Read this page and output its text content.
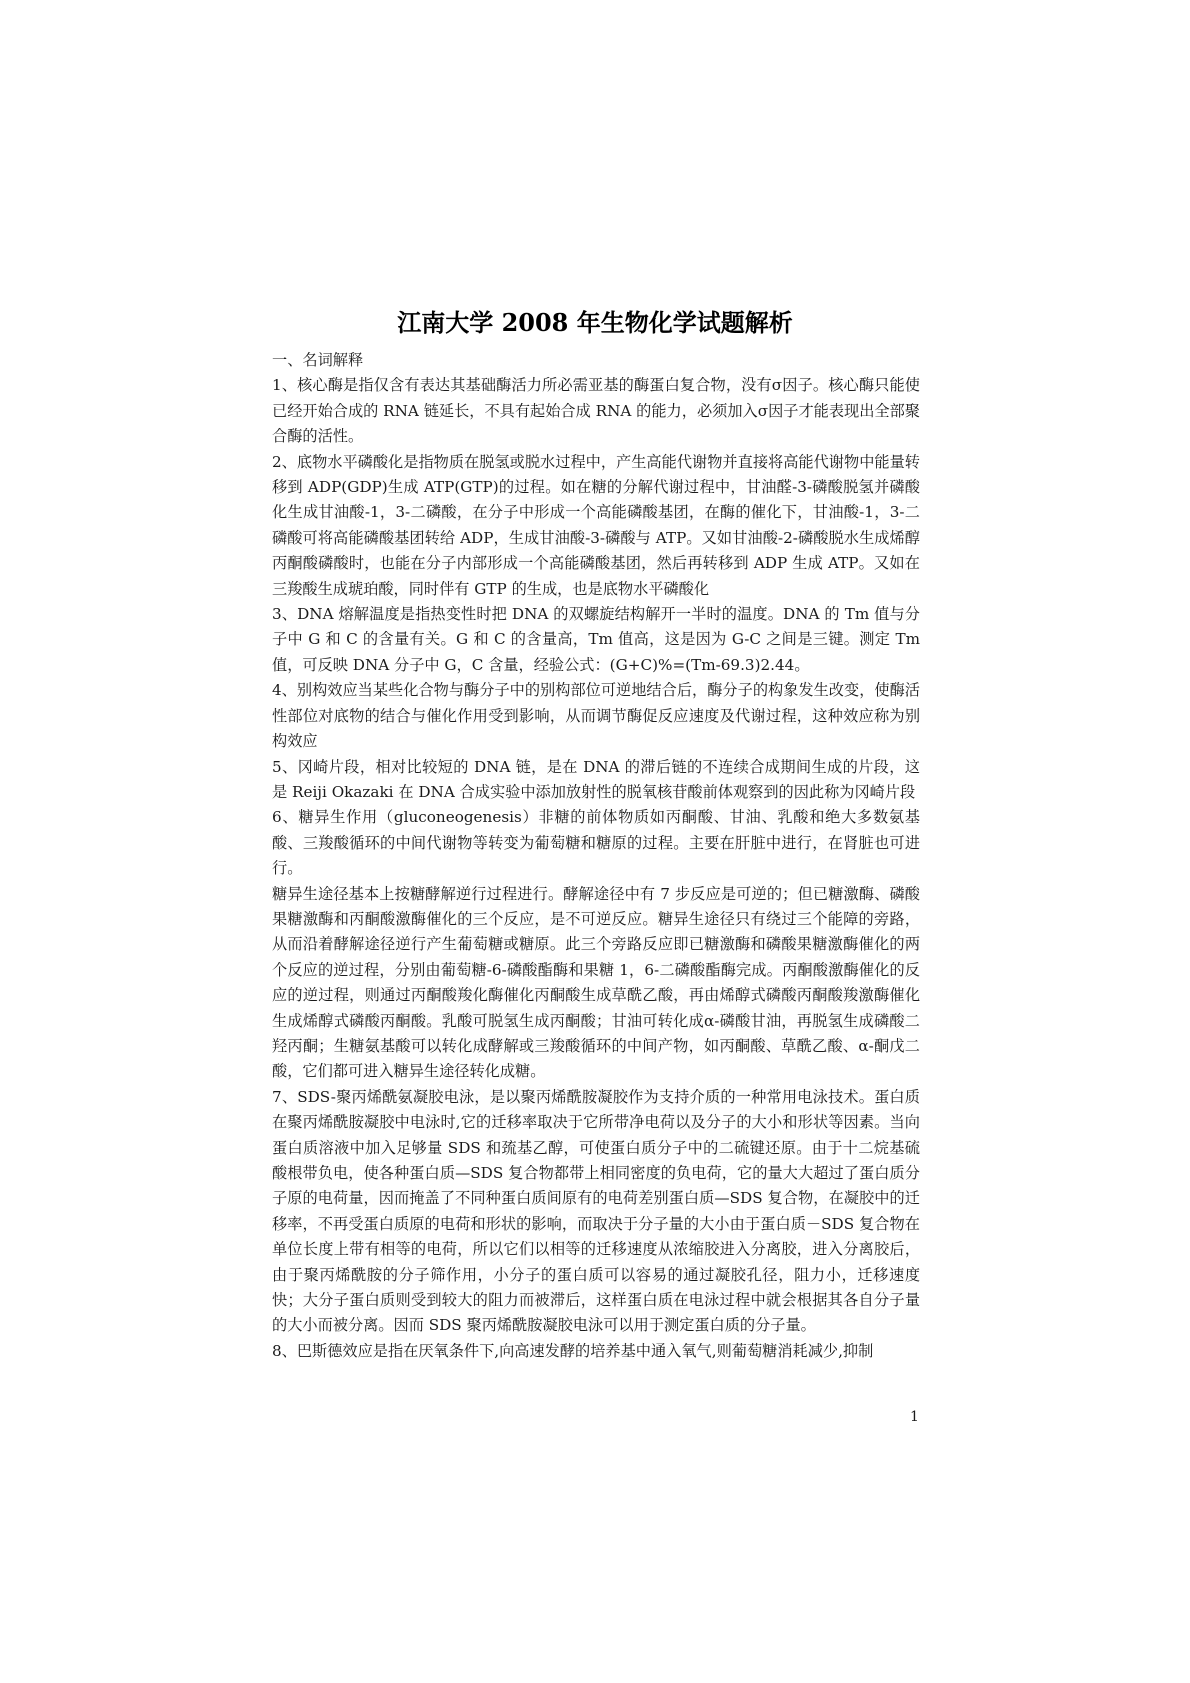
江南大学 2008 年生物化学试题解析

一、名词解释

1、核心酶是指仅含有表达其基础酶活力所必需亚基的酶蛋白复合物，没有σ因子。核心酶只能使已经开始合成的 RNA 链延长，不具有起始合成 RNA 的能力，必须加入σ因子才能表现出全部聚合酶的活性。

2、底物水平磷酸化是指物质在脱氢或脱水过程中，产生高能代谢物并直接将高能代谢物中能量转移到 ADP(GDP)生成 ATP(GTP)的过程。如在糖的分解代谢过程中，甘油醛-3-磷酸脱氢并磷酸化生成甘油酸-1，3-二磷酸，在分子中形成一个高能磷酸基团，在酶的催化下，甘油酸-1，3-二磷酸可将高能磷酸基团转给 ADP，生成甘油酸-3-磷酸与 ATP。又如甘油酸-2-磷酸脱水生成烯醇丙酮酸磷酸时，也能在分子内部形成一个高能磷酸基团，然后再转移到 ADP 生成 ATP。又如在三羧酸生成琥珀酸，同时伴有 GTP 的生成，也是底物水平磷酸化

3、DNA 熔解温度是指热变性时把 DNA 的双螺旋结构解开一半时的温度。DNA 的 Tm 值与分子中 G 和 C 的含量有关。G 和 C 的含量高，Tm 值高，这是因为 G-C 之间是三键。测定 Tm 值，可反映 DNA 分子中 G，C 含量，经验公式：(G+C)%=(Tm-69.3)2.44。

4、别构效应当某些化合物与酶分子中的别构部位可逆地结合后，酶分子的构象发生改变，使酶活性部位对底物的结合与催化作用受到影响，从而调节酶促反应速度及代谢过程，这种效应称为别构效应

5、冈崎片段，相对比较短的 DNA 链，是在 DNA 的滞后链的不连续合成期间生成的片段，这是 Reiji Okazaki 在 DNA 合成实验中添加放射性的脱氧核苷酸前体观察到的因此称为冈崎片段

6、糖异生作用（gluconeogenesis）非糖的前体物质如丙酮酸、甘油、乳酸和绝大多数氨基酸、三羧酸循环的中间代谢物等转变为葡萄糖和糖原的过程。主要在肝脏中进行，在肾脏也可进行。

糖异生途径基本上按糖酵解逆行过程进行。酵解途径中有 7 步反应是可逆的；但已糖激酶、磷酸果糖激酶和丙酮酸激酶催化的三个反应，是不可逆反应。糖异生途径只有绕过三个能障的旁路，从而沿着酵解途径逆行产生葡萄糖或糖原。此三个旁路反应即已糖激酶和磷酸果糖激酶催化的两个反应的逆过程，分别由葡萄糖-6-磷酸酯酶和果糖 1，6-二磷酸酯酶完成。丙酮酸激酶催化的反应的逆过程，则通过丙酮酸羧化酶催化丙酮酸生成草酰乙酸，再由烯醇式磷酸丙酮酸羧激酶催化生成烯醇式磷酸丙酮酸。乳酸可脱氢生成丙酮酸；甘油可转化成α-磷酸甘油，再脱氢生成磷酸二羟丙酮；生糖氨基酸可以转化成酵解或三羧酸循环的中间产物，如丙酮酸、草酰乙酸、α-酮戊二酸，它们都可进入糖异生途径转化成糖。

7、SDS-聚丙烯酰氨凝胶电泳，是以聚丙烯酰胺凝胶作为支持介质的一种常用电泳技术。蛋白质在聚丙烯酰胺凝胶中电泳时,它的迁移率取决于它所带净电荷以及分子的大小和形状等因素。当向蛋白质溶液中加入足够量 SDS 和巯基乙醇，可使蛋白质分子中的二硫键还原。由于十二烷基硫酸根带负电，使各种蛋白质—SDS 复合物都带上相同密度的负电荷，它的量大大超过了蛋白质分子原的电荷量，因而掩盖了不同种蛋白质间原有的电荷差别蛋白质—SDS 复合物，在凝胶中的迁移率，不再受蛋白质原的电荷和形状的影响，而取决于分子量的大小由于蛋白质－SDS 复合物在单位长度上带有相等的电荷，所以它们以相等的迁移速度从浓缩胶进入分离胶，进入分离胶后，由于聚丙烯酰胺的分子筛作用，小分子的蛋白质可以容易的通过凝胶孔径，阻力小，迁移速度快；大分子蛋白质则受到较大的阻力而被滞后，这样蛋白质在电泳过程中就会根据其各自分子量的大小而被分离。因而 SDS 聚丙烯酰胺凝胶电泳可以用于测定蛋白质的分子量。

8、巴斯德效应是指在厌氧条件下,向高速发酵的培养基中通入氧气,则葡萄糖消耗减少,抑制

1
